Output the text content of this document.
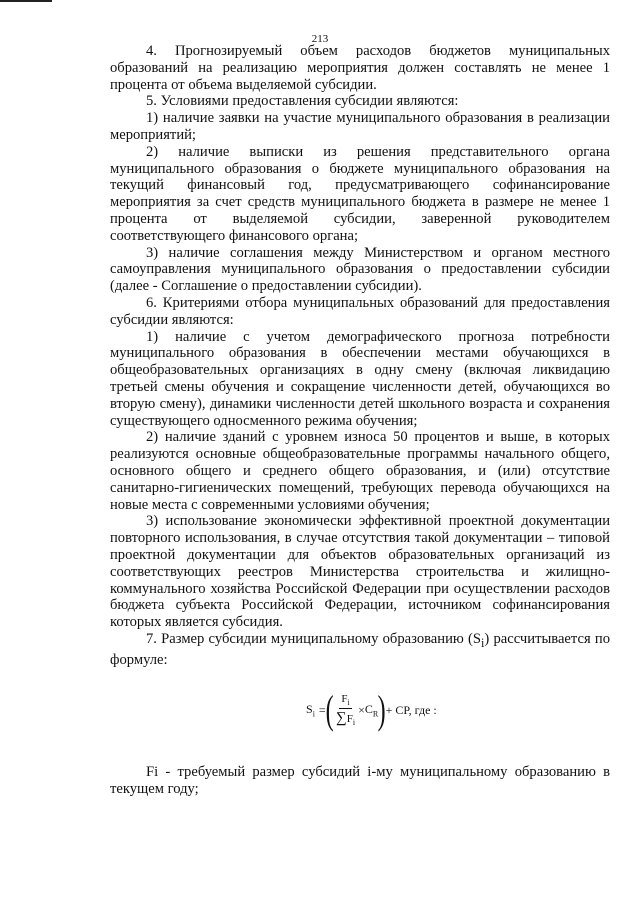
213

4. Прогнозируемый объем расходов бюджетов муниципальных образований на реализацию мероприятия должен составлять не менее 1 процента от объема выделяемой субсидии.

5. Условиями предоставления субсидии являются:

1) наличие заявки на участие муниципального образования в реализации мероприятий;

2) наличие выписки из решения представительного органа муниципального образования о бюджете муниципального образования на текущий финансовый год, предусматривающего софинансирование мероприятия за счет средств муниципального бюджета в размере не менее 1 процента от выделяемой субсидии, заверенной руководителем соответствующего финансового органа;

3) наличие соглашения между Министерством и органом местного самоуправления муниципального образования о предоставлении субсидии (далее - Соглашение о предоставлении субсидии).

6. Критериями отбора муниципальных образований для предоставления субсидии являются:

1) наличие с учетом демографического прогноза потребности муниципального образования в обеспечении местами обучающихся в общеобразовательных организациях в одну смену (включая ликвидацию третьей смены обучения и сокращение численности детей, обучающихся во вторую смену), динамики численности детей школьного возраста и сохранения существующего односменного режима обучения;

2) наличие зданий с уровнем износа 50 процентов и выше, в которых реализуются основные общеобразовательные программы начального общего, основного общего и среднего общего образования, и (или) отсутствие санитарно-гигиенических помещений, требующих перевода обучающихся на новые места с современными условиями обучения;

3) использование экономически эффективной проектной документации повторного использования, в случае отсутствия такой документации – типовой проектной документации для объектов образовательных организаций из соответствующих реестров Министерства строительства и жилищно-коммунального хозяйства Российской Федерации при осуществлении расходов бюджета субъекта Российской Федерации, источником софинансирования которых является субсидия.

7. Размер субсидии муниципальному образованию $(S_i)$ рассчитывается по формуле:

$S_i$ = ( $\frac{F_i}{\sum F_i} \times C_R$ ) + CP, где :

Fi - требуемый размер субсидий i-му муниципальному образованию в текущем году;
